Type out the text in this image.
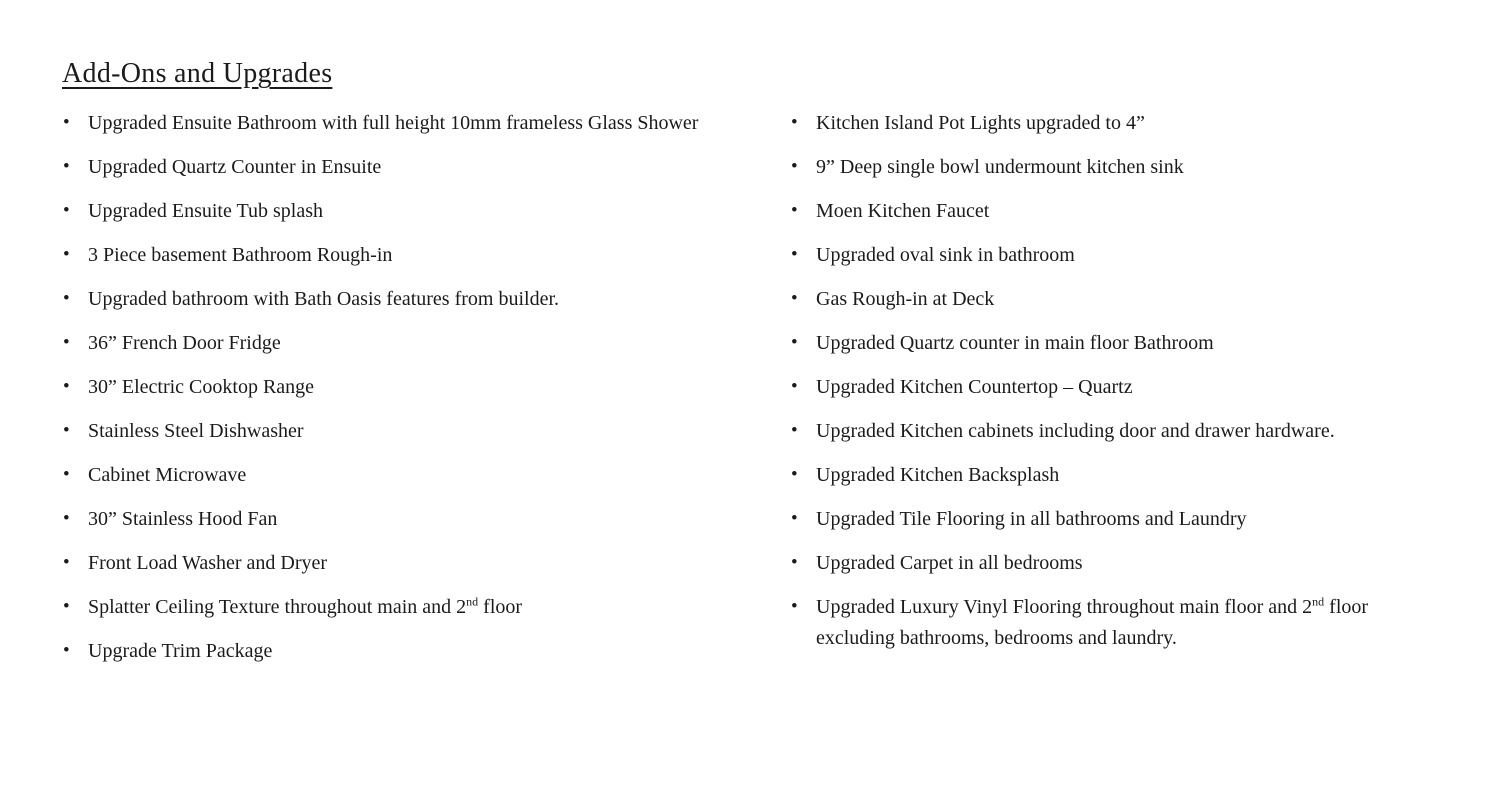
Add-Ons and Upgrades
• Upgraded Ensuite Bathroom with full height 10mm frameless Glass Shower
• Upgraded Quartz Counter in Ensuite
• Upgraded Ensuite Tub splash
• 3 Piece basement Bathroom Rough-in
• Upgraded bathroom with Bath Oasis features from builder.
• 36” French Door Fridge
• 30” Electric Cooktop Range
• Stainless Steel Dishwasher
• Cabinet Microwave
• 30” Stainless Hood Fan
• Front Load Washer and Dryer
• Splatter Ceiling Texture throughout main and 2nd floor
• Upgrade Trim Package
• Kitchen Island Pot Lights upgraded to 4”
• 9” Deep single bowl undermount kitchen sink
• Moen Kitchen Faucet
• Upgraded oval sink in bathroom
• Gas Rough-in at Deck
• Upgraded Quartz counter in main floor Bathroom
• Upgraded Kitchen Countertop – Quartz
• Upgraded Kitchen cabinets including door and drawer hardware.
• Upgraded Kitchen Backsplash
• Upgraded Tile Flooring in all bathrooms and Laundry
• Upgraded Carpet in all bedrooms
• Upgraded Luxury Vinyl Flooring throughout main floor and 2nd floor excluding bathrooms, bedrooms and laundry.
